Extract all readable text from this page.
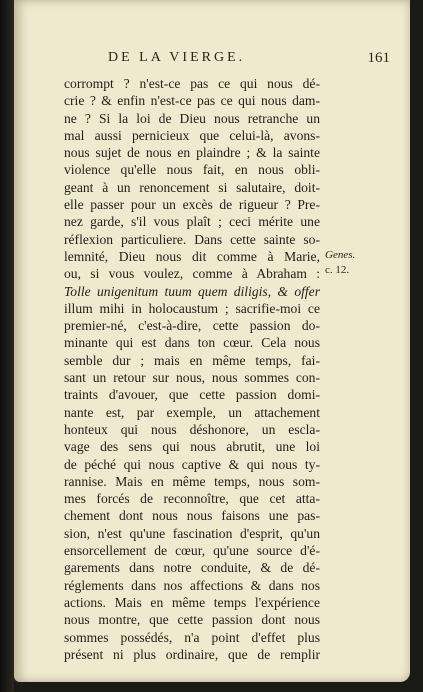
DE LA VIERGE.	161
corrompt ? n'est-ce pas ce qui nous dé-
crie ? & enfin n'est-ce pas ce qui nous dam-
ne ? Si la loi de Dieu nous retranche un
mal aussi pernicieux que celui-là, avons-
nous sujet de nous en plaindre ; & la sainte
violence qu'elle nous fait, en nous obli-
geant à un renoncement si salutaire, doit-
elle passer pour un excès de rigueur ? Pre-
nez garde, s'il vous plaît ; ceci mérite une
réflexion particuliere. Dans cette sainte so-
lemnité, Dieu nous dit comme à Marie,
ou, si vous voulez, comme à Abraham :
Tolle unigenitum tuum quem diligis, & offer
illum mihi in holocaustum ; sacrifie-moi ce
premier-né, c'est-à-dire, cette passion do-
minante qui est dans ton cœur. Cela nous
semble dur ; mais en même temps, fai-
sant un retour sur nous, nous sommes con-
traints d'avouer, que cette passion domi-
nante est, par exemple, un attachement
honteux qui nous déshonore, un escla-
vage des sens qui nous abrutit, une loi
de péché qui nous captive & qui nous ty-
rannise. Mais en même temps, nous som-
mes forcés de reconnoître, que cet atta-
chement dont nous nous faisons une pas-
sion, n'est qu'une fascination d'esprit, qu'un
ensorcellement de cœur, qu'une source d'é-
garements dans notre conduite, & de dé-
réglements dans nos affections & dans nos
actions. Mais en même temps l'expérience
nous montre, que cette passion dont nous
sommes possédés, n'a point d'effet plus
présent ni plus ordinaire, que de remplir
Genes.
c. 12.
